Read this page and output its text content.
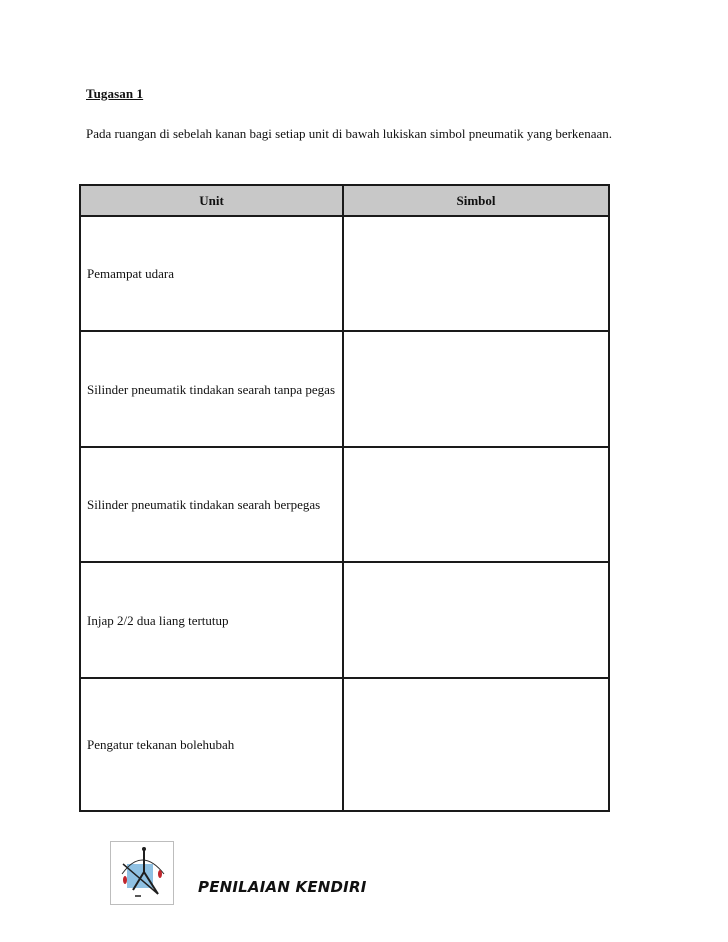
Tugasan 1
Pada ruangan di sebelah kanan bagi setiap unit di bawah lukiskan simbol pneumatik yang berkenaan.
Unit	Simbol
Pemampat udara	
Silinder pneumatik tindakan searah tanpa pegas	
Silinder pneumatik tindakan searah berpegas	
Injap 2/2 dua liang tertutup	
Pengatur tekanan bolehubah	
PENILAIAN KENDIRI
